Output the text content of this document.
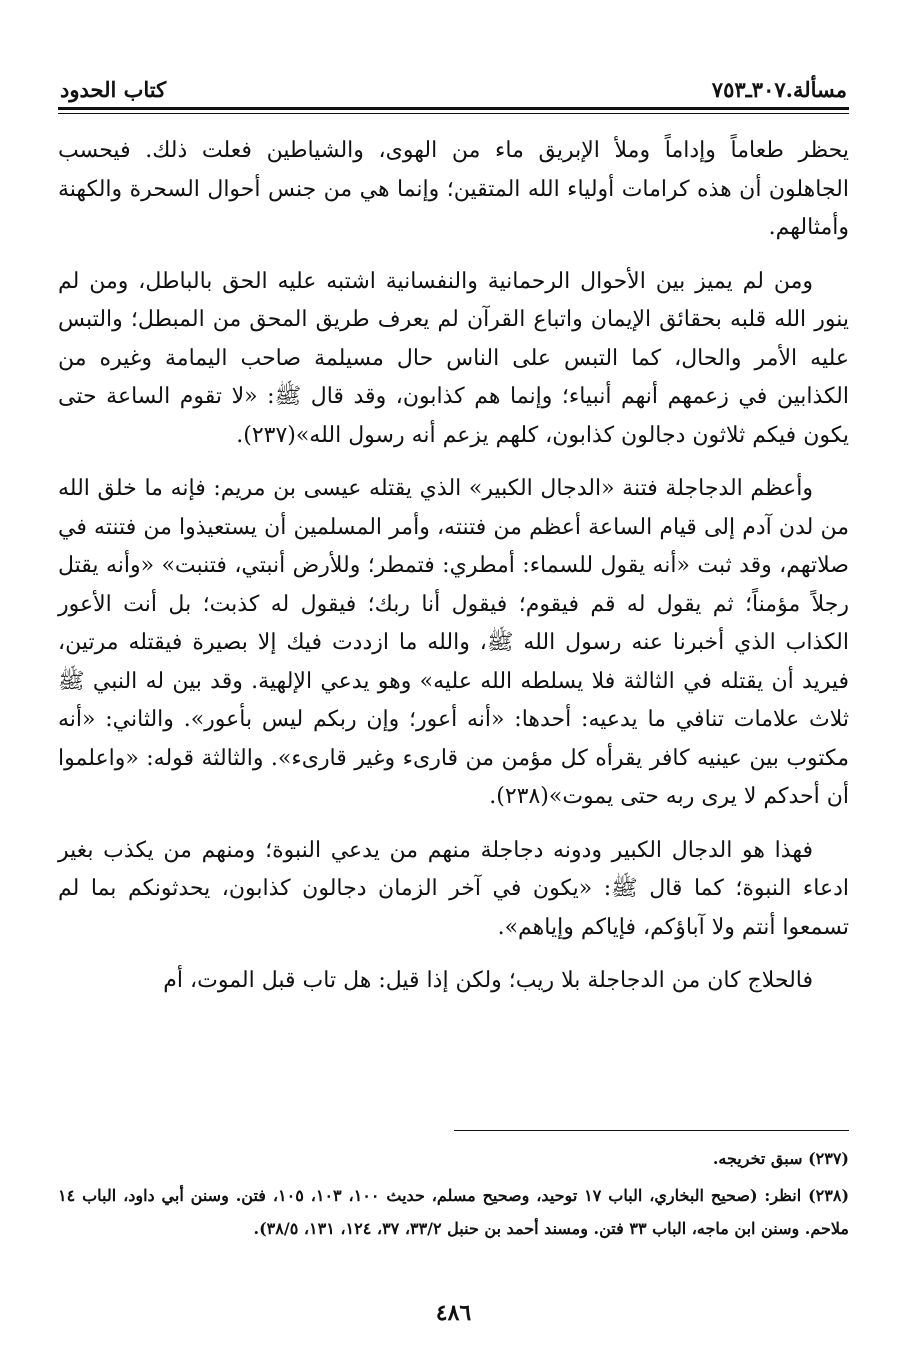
مسألة.٣٠٧ـ٧٥٣
كتاب الحدود

يحظر طعاماً وإداماً وملأ الإبريق ماء من الهوى، والشياطين فعلت ذلك. فيحسب الجاهلون أن هذه كرامات أولياء الله المتقين؛ وإنما هي من جنس أحوال السحرة والكهنة وأمثالهم.

ومن لم يميز بين الأحوال الرحمانية والنفسانية اشتبه عليه الحق بالباطل، ومن لم ينور الله قلبه بحقائق الإيمان واتباع القرآن لم يعرف طريق المحق من المبطل؛ والتبس عليه الأمر والحال، كما التبس على الناس حال مسيلمة صاحب اليمامة وغيره من الكذابين في زعمهم أنهم أنبياء؛ وإنما هم كذابون، وقد قال ﷺ: «لا تقوم الساعة حتى يكون فيكم ثلاثون دجالون كذابون، كلهم يزعم أنه رسول الله»(٢٣٧).

وأعظم الدجاجلة فتنة «الدجال الكبير» الذي يقتله عيسى بن مريم: فإنه ما خلق الله من لدن آدم إلى قيام الساعة أعظم من فتنته، وأمر المسلمين أن يستعيذوا من فتنته في صلاتهم، وقد ثبت «أنه يقول للسماء: أمطري: فتمطر؛ وللأرض أنبتي، فتنبت» «وأنه يقتل رجلاً مؤمناً؛ ثم يقول له قم فيقوم؛ فيقول أنا ربك؛ فيقول له كذبت؛ بل أنت الأعور الكذاب الذي أخبرنا عنه رسول الله ﷺ، والله ما ازددت فيك إلا بصيرة فيقتله مرتين، فيريد أن يقتله في الثالثة فلا يسلطه الله عليه» وهو يدعي الإلهية. وقد بين له النبي ﷺ ثلاث علامات تنافي ما يدعيه: أحدها: «أنه أعور؛ وإن ربكم ليس بأعور». والثاني: «أنه مكتوب بين عينيه كافر يقرأه كل مؤمن من قارىء وغير قارىء». والثالثة قوله: «واعلموا أن أحدكم لا يرى ربه حتى يموت»(٢٣٨).

فهذا هو الدجال الكبير ودونه دجاجلة منهم من يدعي النبوة؛ ومنهم من يكذب بغير ادعاء النبوة؛ كما قال ﷺ: «يكون في آخر الزمان دجالون كذابون، يحدثونكم بما لم تسمعوا أنتم ولا آباؤكم، فإياكم وإياهم».

فالحلاج كان من الدجاجلة بلا ريب؛ ولكن إذا قيل: هل تاب قبل الموت، أم

(٢٣٧) سبق تخريجه.

(٢٣٨) انظر: (صحيح البخاري، الباب ١٧ توحيد، وصحيح مسلم، حديث ١٠٠، ١٠٣، ١٠٥، فتن. وسنن أبي داود، الباب ١٤ ملاحم. وسنن ابن ماجه، الباب ٣٣ فتن. ومسند أحمد بن حنبل ٣٣/٢، ٣٧، ١٢٤، ١٣١، ٣٨/٥).

٤٨٦
